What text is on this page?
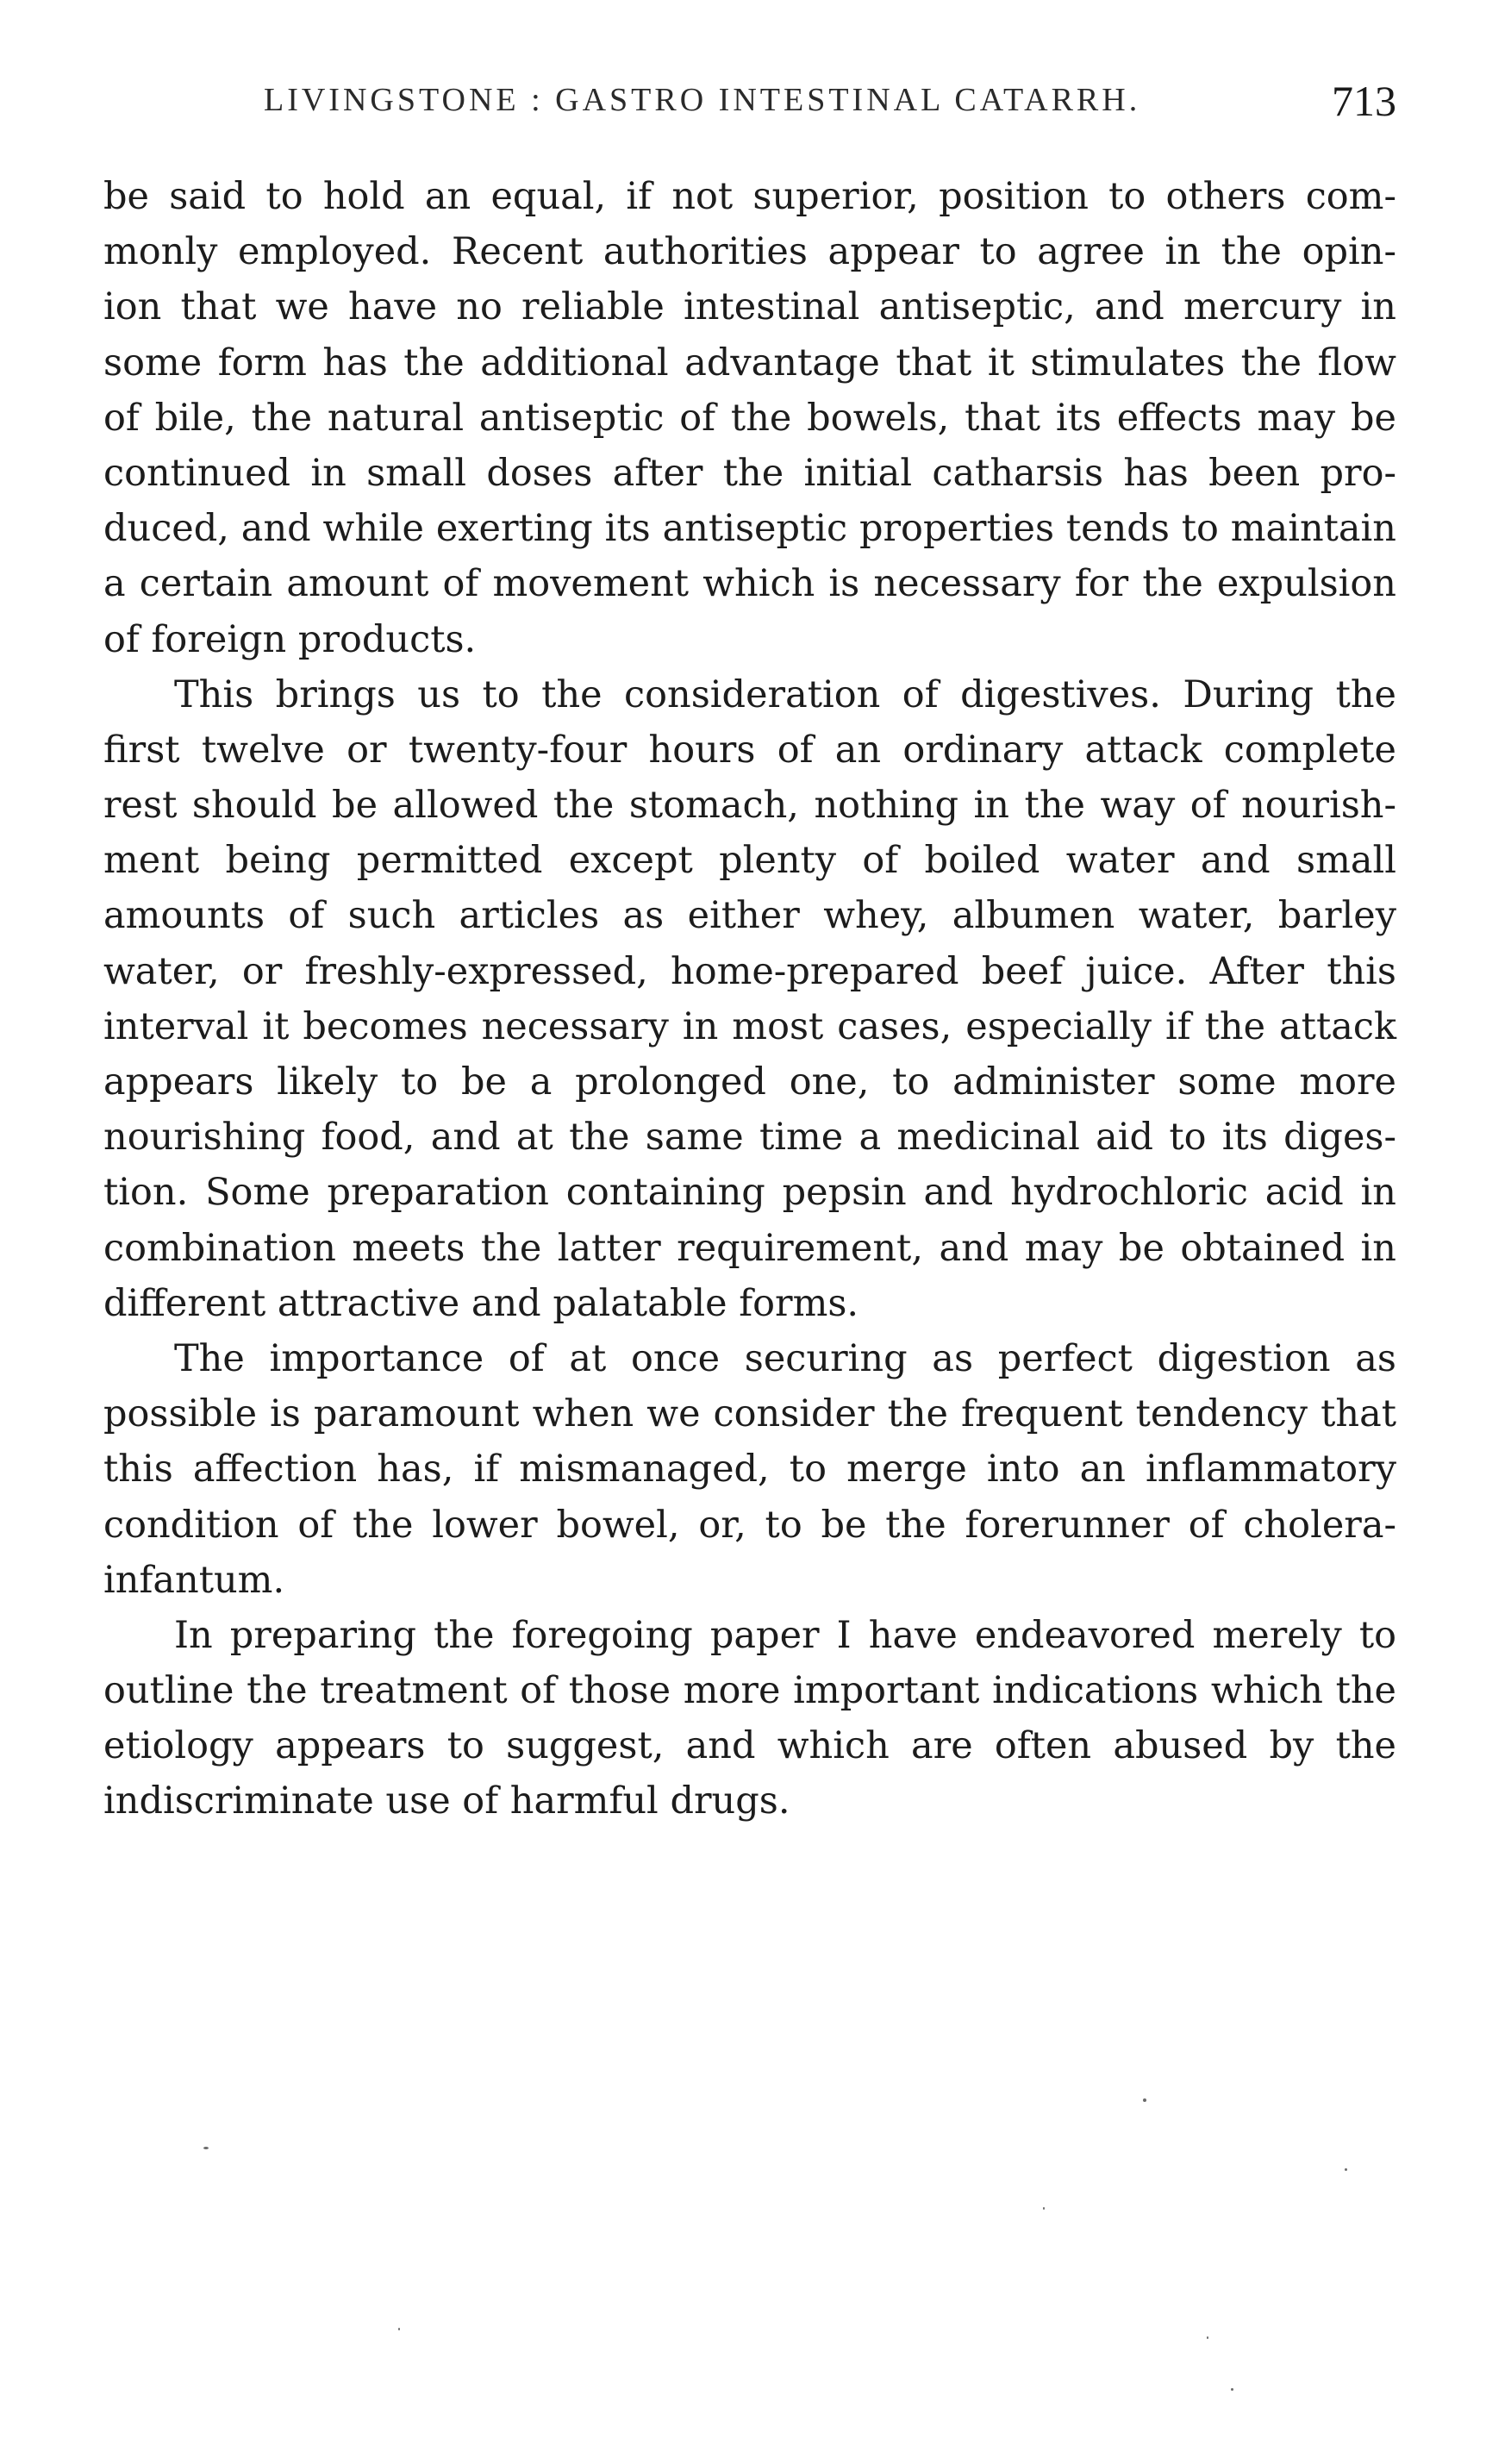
LIVINGSTONE : GASTRO INTESTINAL CATARRH.	713
be said to hold an equal, if not superior, position to others com-
monly employed. Recent authorities appear to agree in the opin-
ion that we have no reliable intestinal antiseptic, and mercury in
some form has the additional advantage that it stimulates the flow
of bile, the natural antiseptic of the bowels, that its effects may be
continued in small doses after the initial catharsis has been pro-
duced, and while exerting its antiseptic properties tends to maintain
a certain amount of movement which is necessary for the expulsion
of foreign products.
This brings us to the consideration of digestives. During the
first twelve or twenty-four hours of an ordinary attack complete
rest should be allowed the stomach, nothing in the way of nourish-
ment being permitted except plenty of boiled water and small
amounts of such articles as either whey, albumen water, barley
water, or freshly-expressed, home-prepared beef juice. After this
interval it becomes necessary in most cases, especially if the attack
appears likely to be a prolonged one, to administer some more
nourishing food, and at the same time a medicinal aid to its diges-
tion. Some preparation containing pepsin and hydrochloric acid in
combination meets the latter requirement, and may be obtained in
different attractive and palatable forms.
The importance of at once securing as perfect digestion as
possible is paramount when we consider the frequent tendency that
this affection has, if mismanaged, to merge into an inflammatory
condition of the lower bowel, or, to be the forerunner of cholera-
infantum.
In preparing the foregoing paper I have endeavored merely to
outline the treatment of those more important indications which the
etiology appears to suggest, and which are often abused by the
indiscriminate use of harmful drugs.
